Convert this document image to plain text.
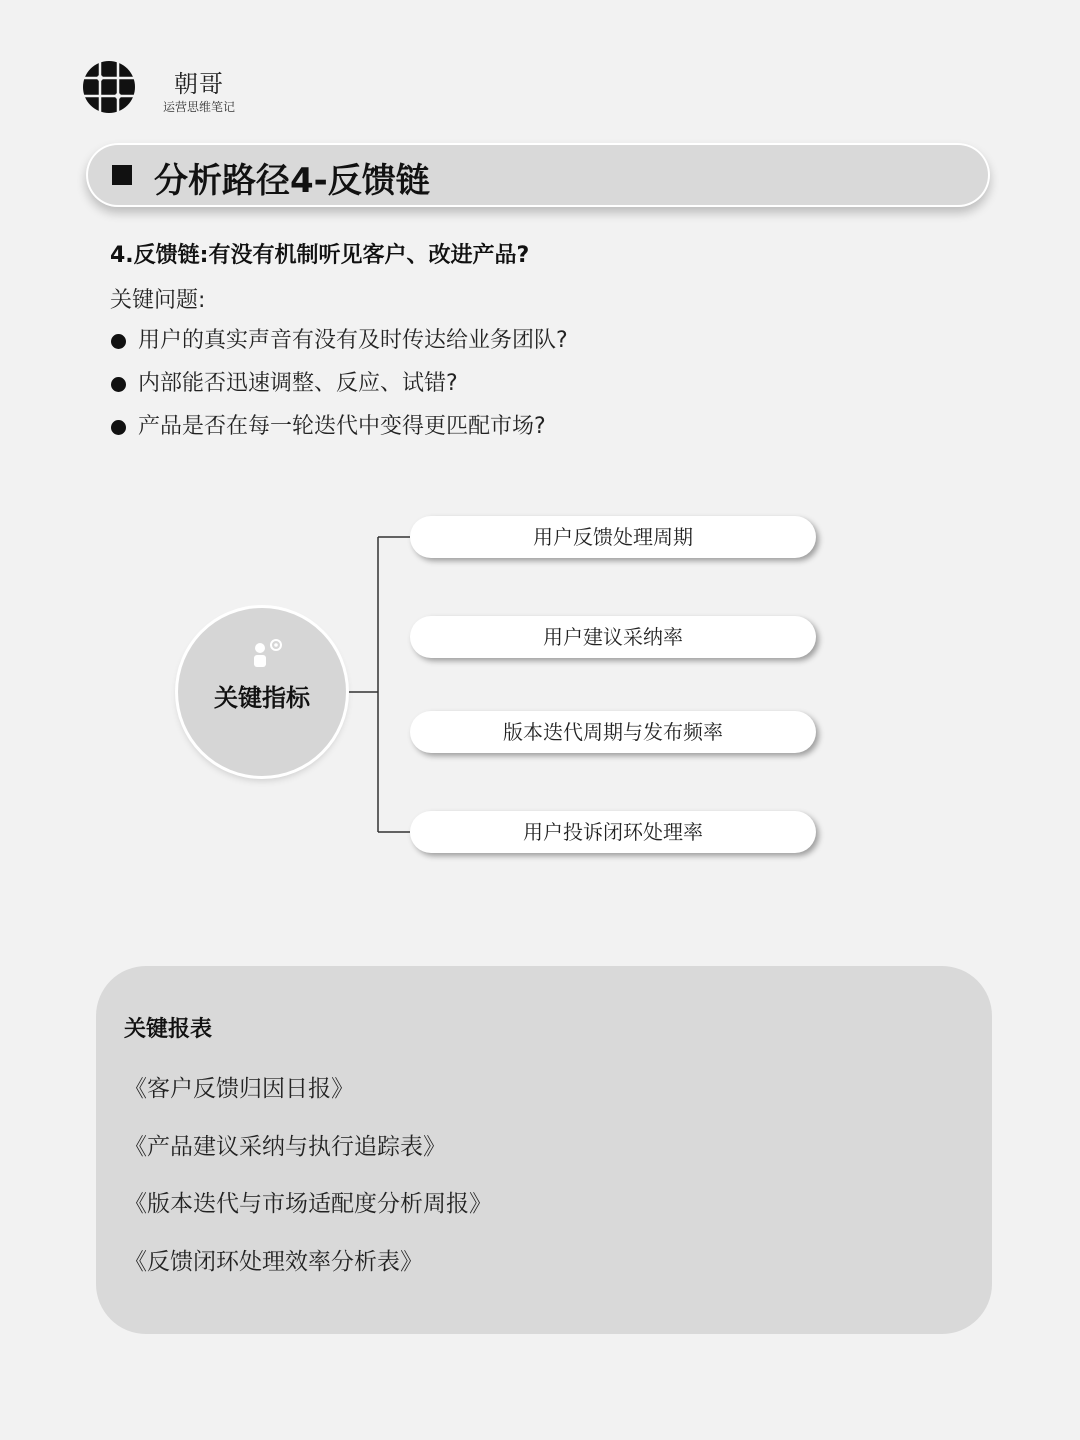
朝哥
运营思维笔记
分析路径4-反馈链
4.反馈链:有没有机制听见客户、改进产品?
关键问题:
用户的真实声音有没有及时传达给业务团队?
内部能否迅速调整、反应、试错?
产品是否在每一轮迭代中变得更匹配市场?
关键指标
用户反馈处理周期
用户建议采纳率
版本迭代周期与发布频率
用户投诉闭环处理率
关键报表
《客户反馈归因日报》
《产品建议采纳与执行追踪表》
《版本迭代与市场适配度分析周报》
《反馈闭环处理效率分析表》
